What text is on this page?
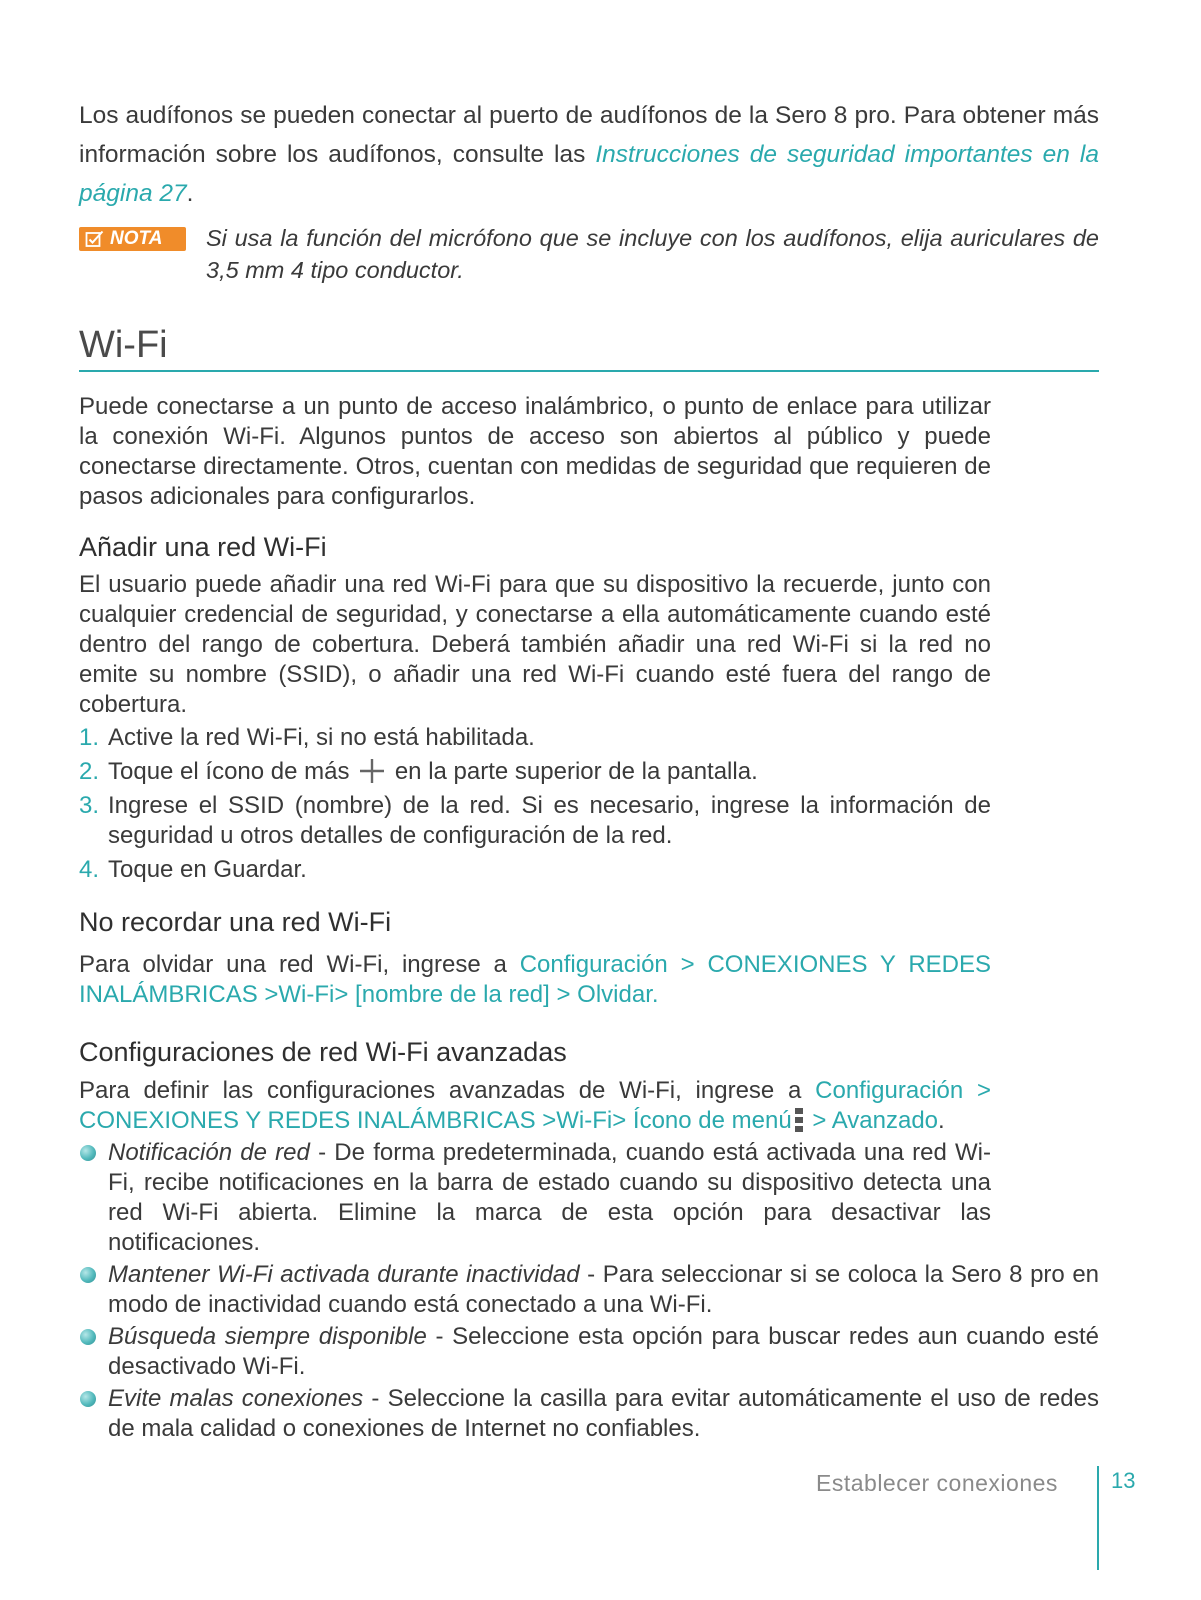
Los audífonos se pueden conectar al puerto de audífonos de la Sero 8 pro. Para obtener más información sobre los audífonos, consulte las Instrucciones de seguridad importantes en la página 27.
NOTA Si usa la función del micrófono que se incluye con los audífonos, elija auriculares de 3,5 mm 4 tipo conductor.
Wi-Fi
Puede conectarse a un punto de acceso inalámbrico, o punto de enlace para utilizar la conexión Wi-Fi. Algunos puntos de acceso son abiertos al público y puede conectarse directamente. Otros, cuentan con medidas de seguridad que requieren de pasos adicionales para configurarlos.
Añadir una red Wi-Fi
El usuario puede añadir una red Wi-Fi para que su dispositivo la recuerde, junto con cualquier credencial de seguridad, y conectarse a ella automáticamente cuando esté dentro del rango de cobertura. Deberá también añadir una red Wi-Fi si la red no emite su nombre (SSID), o añadir una red Wi-Fi cuando esté fuera del rango de cobertura.
1. Active la red Wi-Fi, si no está habilitada.
2. Toque el ícono de más  en la parte superior de la pantalla.
3. Ingrese el SSID (nombre) de la red. Si es necesario, ingrese la información de seguridad u otros detalles de configuración de la red.
4. Toque en Guardar.
No recordar una red Wi-Fi
Para olvidar una red Wi-Fi, ingrese a Configuración > CONEXIONES Y REDES INALÁMBRICAS >Wi-Fi> [nombre de la red] > Olvidar.
Configuraciones de red Wi-Fi avanzadas
Para definir las configuraciones avanzadas de Wi-Fi, ingrese a Configuración > CONEXIONES Y REDES INALÁMBRICAS >Wi-Fi> Ícono de menú > Avanzado.
Notificación de red - De forma predeterminada, cuando está activada una red Wi-Fi, recibe notificaciones en la barra de estado cuando su dispositivo detecta una red Wi-Fi abierta. Elimine la marca de esta opción para desactivar las notificaciones.
Mantener Wi-Fi activada durante inactividad - Para seleccionar si se coloca la Sero 8 pro en modo de inactividad cuando está conectado a una Wi-Fi.
Búsqueda siempre disponible - Seleccione esta opción para buscar redes aun cuando esté desactivado Wi-Fi.
Evite malas conexiones - Seleccione la casilla para evitar automáticamente el uso de redes de mala calidad o conexiones de Internet no confiables.
Establecer conexiones 13
